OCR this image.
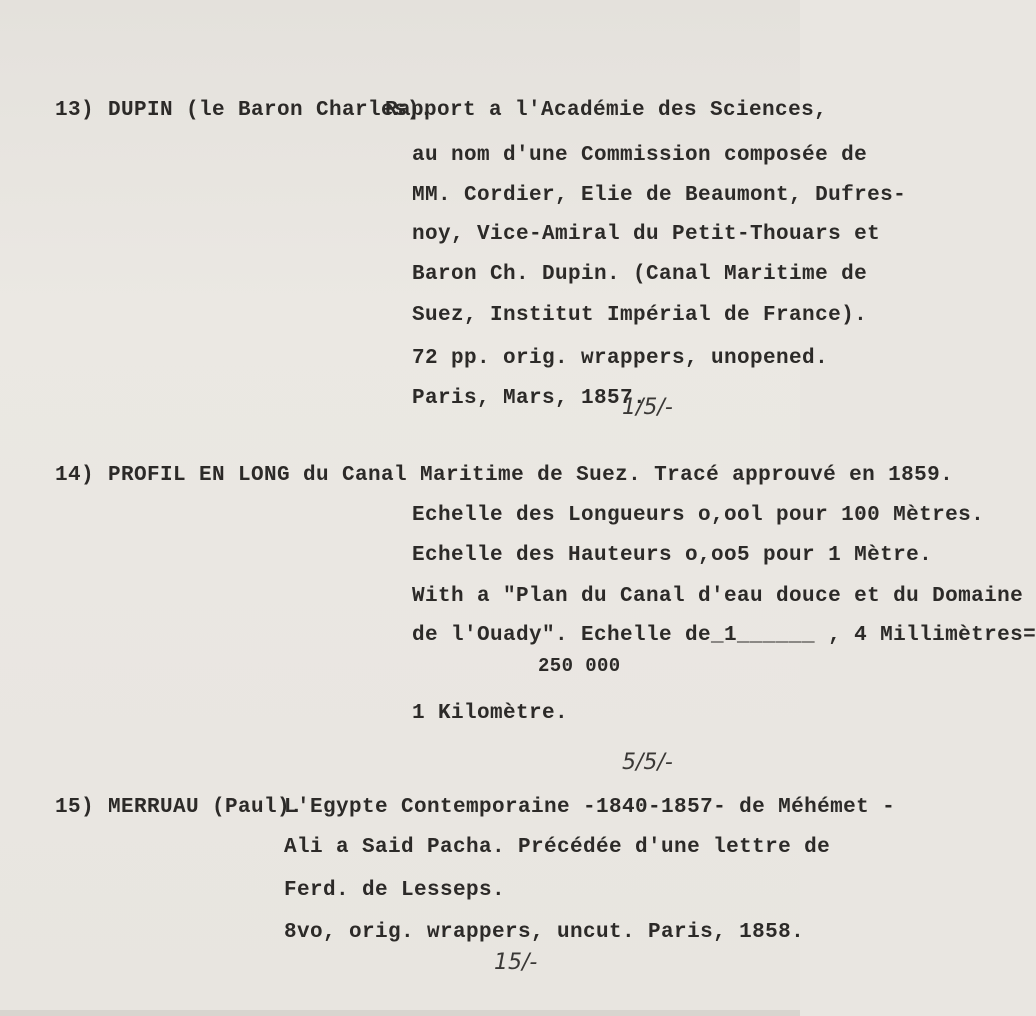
13) DUPIN (le Baron Charles).
Rapport a l'Académie des Sciences,
au nom d'une Commission composée de
MM. Cordier, Elie de Beaumont, Dufres-
noy, Vice-Amiral du Petit-Thouars et
Baron Ch. Dupin. (Canal Maritime de
Suez, Institut Impérial de France).
72 pp. orig. wrappers, unopened.
Paris, Mars, 1857.
1/5/-
14) PROFIL EN LONG du Canal Maritime de Suez. Tracé approuvé en 1859.
Echelle des Longueurs o,ool pour 100 Mètres.
Echelle des Hauteurs o,oo5 pour 1 Mètre.
With a "Plan du Canal d'eau douce et du Domaine
de l'Ouady". Echelle de_1______ , 4 Millimètres=
250 000
1 Kilomètre.
5/5/-
15) MERRUAU (Paul).
L'Egypte Contemporaine -1840-1857- de Méhémet -
Ali a Said Pacha. Précédée d'une lettre de
Ferd. de Lesseps.
8vo, orig. wrappers, uncut. Paris, 1858.
15/-
